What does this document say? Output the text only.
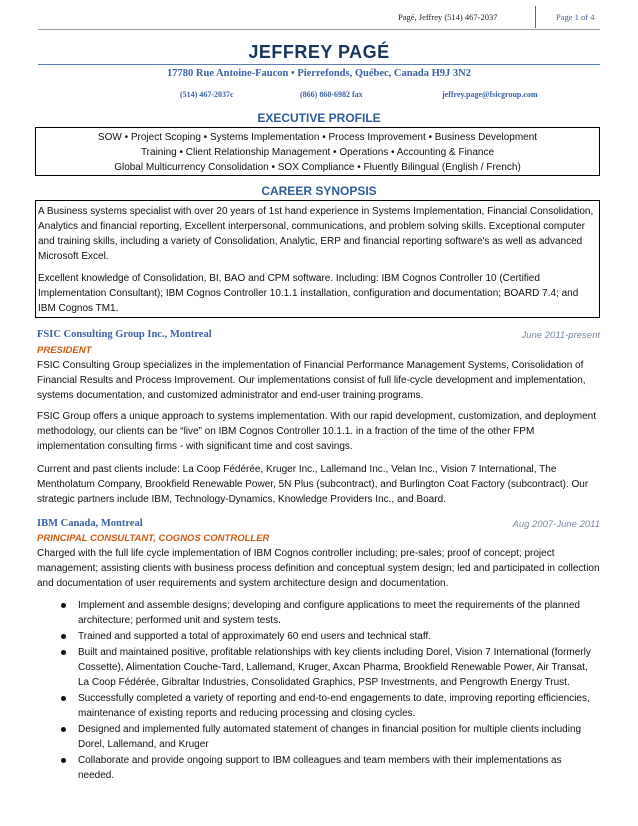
Pagé, Jeffrey (514) 467-2037	Page 1 of 4
JEFFREY PAGÉ
17780 Rue Antoine-Faucon • Pierrefonds, Québec, Canada H9J 3N2
(514) 467-2037c	(866) 860-6982 fax	jeffrey.page@fsicgroup.com
EXECUTIVE PROFILE
SOW • Project Scoping • Systems Implementation • Process Improvement • Business Development
Training • Client Relationship Management • Operations • Accounting & Finance
Global Multicurrency Consolidation • SOX Compliance • Fluently Bilingual (English / French)
CAREER SYNOPSIS

A Business systems specialist with over 20 years of 1st hand experience in Systems Implementation, Financial Consolidation, Analytics and financial reporting, Excellent interpersonal, communications, and problem solving skills. Exceptional computer and training skills, including a variety of Consolidation, Analytic, ERP and financial reporting software's as well as advanced Microsoft Excel.

Excellent knowledge of Consolidation, BI, BAO and CPM software. Including: IBM Cognos Controller 10 (Certified Implementation Consultant); IBM Cognos Controller 10.1.1 installation, configuration and documentation; BOARD 7.4; and IBM Cognos TM1.

FSIC Consulting Group Inc., Montreal	June 2011-present
PRESIDENT

FSIC Consulting Group specializes in the implementation of Financial Performance Management Systems, Consolidation of Financial Results and Process Improvement. Our implementations consist of full life-cycle development and implementation, systems documentation, and customized administrator and end-user training programs.

FSIC Group offers a unique approach to systems implementation. With our rapid development, customization, and deployment methodology, our clients can be “live” on IBM Cognos Controller 10.1.1. in a fraction of the time of the other FPM implementation consulting firms - with significant time and cost savings.

Current and past clients include: La Coop Fédérée, Kruger Inc., Lallemand Inc., Velan Inc., Vision 7 International, The Mentholatum Company, Brookfield Renewable Power, 5N Plus (subcontract), and Burlington Coat Factory (subcontract). Our strategic partners include IBM, Technology-Dynamics, Knowledge Providers Inc., and Board.

IBM Canada, Montreal	Aug 2007-June 2011
PRINCIPAL CONSULTANT, COGNOS CONTROLLER
Charged with the full life cycle implementation of IBM Cognos controller including; pre-sales; proof of concept; project management; assisting clients with business process definition and conceptual system design; led and participated in collection and documentation of user requirements and system architecture design and documentation.
Implement and assemble designs; developing and configure applications to meet the requirements of the planned architecture; performed unit and system tests.
Trained and supported a total of approximately 60 end users and technical staff.
Built and maintained positive, profitable relationships with key clients including Dorel, Vision 7 International (formerly Cossette), Alimentation Couche-Tard, Lallemand, Kruger, Axcan Pharma, Brookfield Renewable Power, Air Transat, La Coop Fédérée, Gibraltar Industries, Consolidated Graphics, PSP Investments, and Pengrowth Energy Trust.
Successfully completed a variety of reporting and end-to-end engagements to date, improving reporting efficiencies, maintenance of existing reports and reducing processing and closing cycles.
Designed and implemented fully automated statement of changes in financial position for multiple clients including Dorel, Lallemand, and Kruger
Collaborate and provide ongoing support to IBM colleagues and team members with their implementations as needed.
